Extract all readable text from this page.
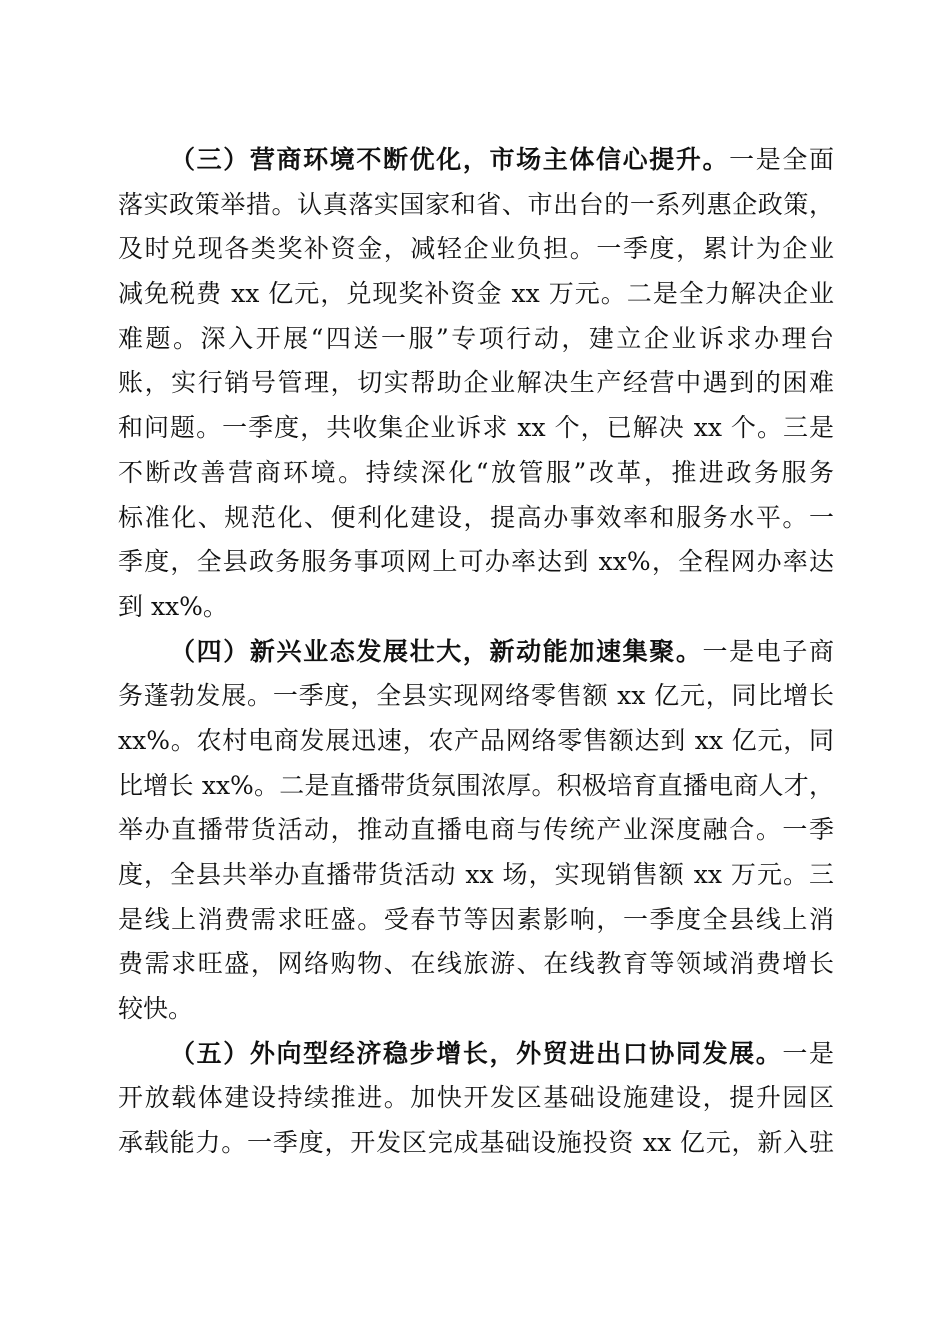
（三）营商环境不断优化，市场主体信心提升。一是全面
落实政策举措。认真落实国家和省、市出台的一系列惠企政策，
及时兑现各类奖补资金，减轻企业负担。一季度，累计为企业
减免税费 xx 亿元，兑现奖补资金 xx 万元。二是全力解决企业
难题。深入开展“四送一服”专项行动，建立企业诉求办理台
账，实行销号管理，切实帮助企业解决生产经营中遇到的困难
和问题。一季度，共收集企业诉求 xx 个，已解决 xx 个。三是
不断改善营商环境。持续深化“放管服”改革，推进政务服务
标准化、规范化、便利化建设，提高办事效率和服务水平。一
季度，全县政务服务事项网上可办率达到 xx%，全程网办率达
到 xx%。
（四）新兴业态发展壮大，新动能加速集聚。一是电子商
务蓬勃发展。一季度，全县实现网络零售额 xx 亿元，同比增长
xx%。农村电商发展迅速，农产品网络零售额达到 xx 亿元，同
比增长 xx%。二是直播带货氛围浓厚。积极培育直播电商人才，
举办直播带货活动，推动直播电商与传统产业深度融合。一季
度，全县共举办直播带货活动 xx 场，实现销售额 xx 万元。三
是线上消费需求旺盛。受春节等因素影响，一季度全县线上消
费需求旺盛，网络购物、在线旅游、在线教育等领域消费增长
较快。
（五）外向型经济稳步增长，外贸进出口协同发展。一是
开放载体建设持续推进。加快开发区基础设施建设，提升园区
承载能力。一季度，开发区完成基础设施投资 xx 亿元，新入驻
